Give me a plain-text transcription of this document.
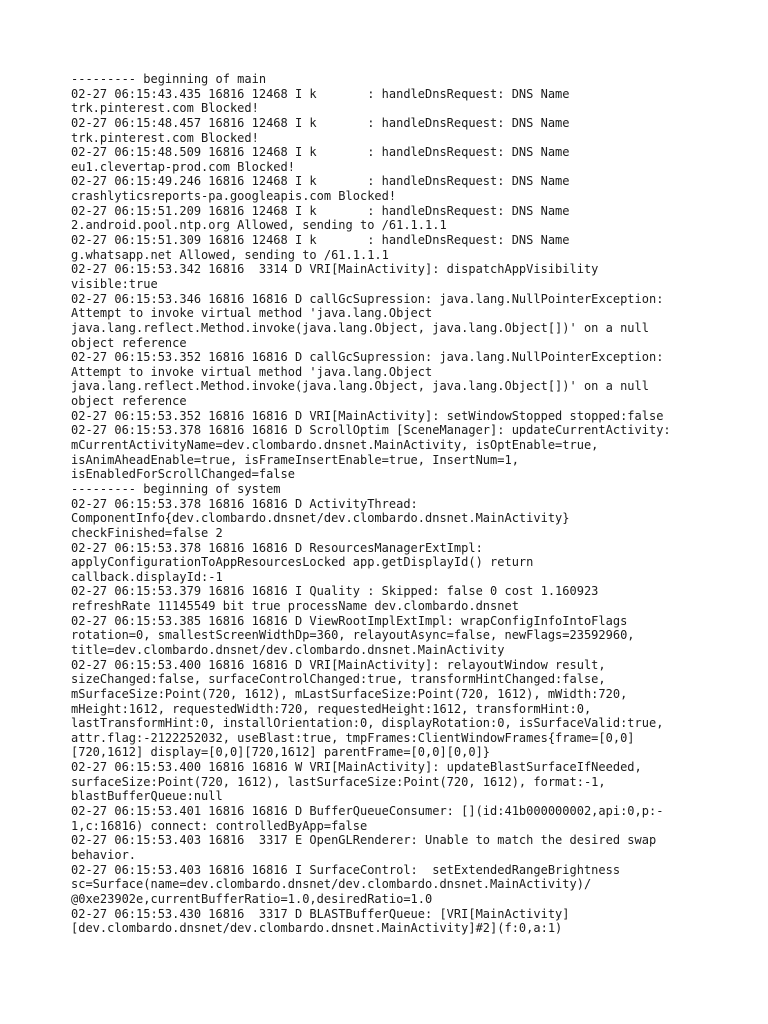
--------- beginning of main
02-27 06:15:43.435 16816 12468 I k       : handleDnsRequest: DNS Name
trk.pinterest.com Blocked!
02-27 06:15:48.457 16816 12468 I k       : handleDnsRequest: DNS Name
trk.pinterest.com Blocked!
02-27 06:15:48.509 16816 12468 I k       : handleDnsRequest: DNS Name
eu1.clevertap-prod.com Blocked!
02-27 06:15:49.246 16816 12468 I k       : handleDnsRequest: DNS Name
crashlyticsreports-pa.googleapis.com Blocked!
02-27 06:15:51.209 16816 12468 I k       : handleDnsRequest: DNS Name
2.android.pool.ntp.org Allowed, sending to /61.1.1.1
02-27 06:15:51.309 16816 12468 I k       : handleDnsRequest: DNS Name
g.whatsapp.net Allowed, sending to /61.1.1.1
02-27 06:15:53.342 16816  3314 D VRI[MainActivity]: dispatchAppVisibility
visible:true
02-27 06:15:53.346 16816 16816 D callGcSupression: java.lang.NullPointerException:
Attempt to invoke virtual method 'java.lang.Object
java.lang.reflect.Method.invoke(java.lang.Object, java.lang.Object[])' on a null
object reference
02-27 06:15:53.352 16816 16816 D callGcSupression: java.lang.NullPointerException:
Attempt to invoke virtual method 'java.lang.Object
java.lang.reflect.Method.invoke(java.lang.Object, java.lang.Object[])' on a null
object reference
02-27 06:15:53.352 16816 16816 D VRI[MainActivity]: setWindowStopped stopped:false
02-27 06:15:53.378 16816 16816 D ScrollOptim [SceneManager]: updateCurrentActivity:
mCurrentActivityName=dev.clombardo.dnsnet.MainActivity, isOptEnable=true,
isAnimAheadEnable=true, isFrameInsertEnable=true, InsertNum=1,
isEnabledForScrollChanged=false
--------- beginning of system
02-27 06:15:53.378 16816 16816 D ActivityThread:
ComponentInfo{dev.clombardo.dnsnet/dev.clombardo.dnsnet.MainActivity}
checkFinished=false 2
02-27 06:15:53.378 16816 16816 D ResourcesManagerExtImpl:
applyConfigurationToAppResourcesLocked app.getDisplayId() return
callback.displayId:-1
02-27 06:15:53.379 16816 16816 I Quality : Skipped: false 0 cost 1.160923
refreshRate 11145549 bit true processName dev.clombardo.dnsnet
02-27 06:15:53.385 16816 16816 D ViewRootImplExtImpl: wrapConfigInfoIntoFlags
rotation=0, smallestScreenWidthDp=360, relayoutAsync=false, newFlags=23592960,
title=dev.clombardo.dnsnet/dev.clombardo.dnsnet.MainActivity
02-27 06:15:53.400 16816 16816 D VRI[MainActivity]: relayoutWindow result,
sizeChanged:false, surfaceControlChanged:true, transformHintChanged:false,
mSurfaceSize:Point(720, 1612), mLastSurfaceSize:Point(720, 1612), mWidth:720,
mHeight:1612, requestedWidth:720, requestedHeight:1612, transformHint:0,
lastTransformHint:0, installOrientation:0, displayRotation:0, isSurfaceValid:true,
attr.flag:-2122252032, useBlast:true, tmpFrames:ClientWindowFrames{frame=[0,0]
[720,1612] display=[0,0][720,1612] parentFrame=[0,0][0,0]}
02-27 06:15:53.400 16816 16816 W VRI[MainActivity]: updateBlastSurfaceIfNeeded,
surfaceSize:Point(720, 1612), lastSurfaceSize:Point(720, 1612), format:-1,
blastBufferQueue:null
02-27 06:15:53.401 16816 16816 D BufferQueueConsumer: [](id:41b000000002,api:0,p:-
1,c:16816) connect: controlledByApp=false
02-27 06:15:53.403 16816  3317 E OpenGLRenderer: Unable to match the desired swap
behavior.
02-27 06:15:53.403 16816 16816 I SurfaceControl:  setExtendedRangeBrightness
sc=Surface(name=dev.clombardo.dnsnet/dev.clombardo.dnsnet.MainActivity)/
@0xe23902e,currentBufferRatio=1.0,desiredRatio=1.0
02-27 06:15:53.430 16816  3317 D BLASTBufferQueue: [VRI[MainActivity]
[dev.clombardo.dnsnet/dev.clombardo.dnsnet.MainActivity]#2](f:0,a:1)
